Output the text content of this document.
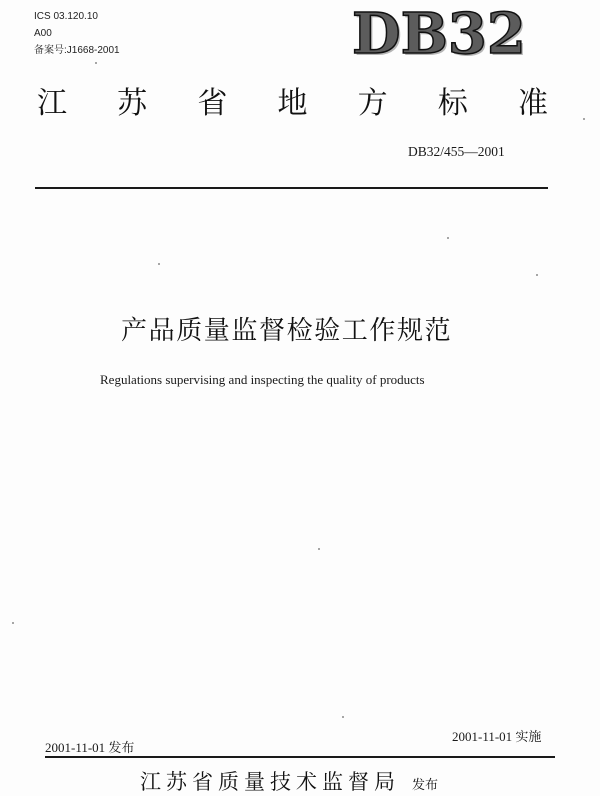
ICS 03.120.10
A00
备案号:J1668-2001	DB32
江 苏 省 地 方 标 准
DB32/455—2001
产品质量监督检验工作规范
Regulations supervising and inspecting the quality of products
2001-11-01 实施
2001-11-01 发布
江苏省质量技术监督局 发布
